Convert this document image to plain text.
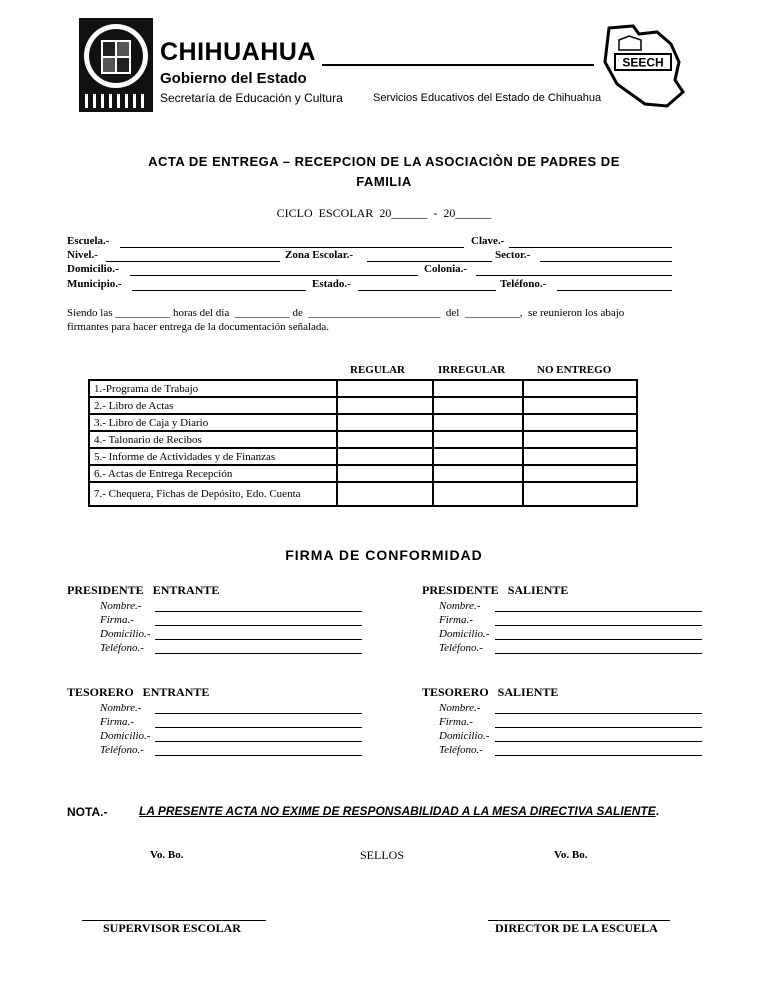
CHIHUAHUA
Gobierno del Estado
Secretaría de Educación y Cultura	Servicios Educativos del Estado de Chihuahua
SEECH
ACTA DE ENTREGA – RECEPCION DE LA ASOCIACIÒN DE PADRES DE
FAMILIA
CICLO  ESCOLAR  20______  -  20______
Escuela.-	Clave.-
Nivel.-	Zona Escolar.-	Sector.-
Domicilio.-	Colonia.-
Municipio.-	Estado.-	Teléfono.-
Siendo las __________ horas del día  __________ de  ________________________  del  __________,  se reunieron los abajo
firmantes para hacer entrega de la documentación señalada.
REGULAR	IRREGULAR	NO ENTREGO
1.-Programa de Trabajo			
2.- Libro de Actas			
3.- Libro de Caja y Diario			
4.- Talonario de Recibos			
5.- Informe de Actividades y de Finanzas			
6.- Actas de Entrega Recepción			
7.- Chequera, Fichas de Depósito, Edo. Cuenta			
FIRMA DE CONFORMIDAD
PRESIDENTE   ENTRANTE
Nombre.-
Firma.-
Domicilio.-
Teléfono.-
PRESIDENTE   SALIENTE
Nombre.-
Firma.-
Domicilio.-
Teléfono.-
TESORERO   ENTRANTE
Nombre.-
Firma.-
Domicilio.-
Teléfono.-
TESORERO   SALIENTE
Nombre.-
Firma.-
Domicilio.-
Teléfono.-
NOTA.-	LA PRESENTE ACTA NO EXIME DE RESPONSABILIDAD A LA MESA DIRECTIVA SALIENTE.
Vo. Bo.	SELLOS	Vo. Bo.
SUPERVISOR ESCOLAR	DIRECTOR DE LA ESCUELA
